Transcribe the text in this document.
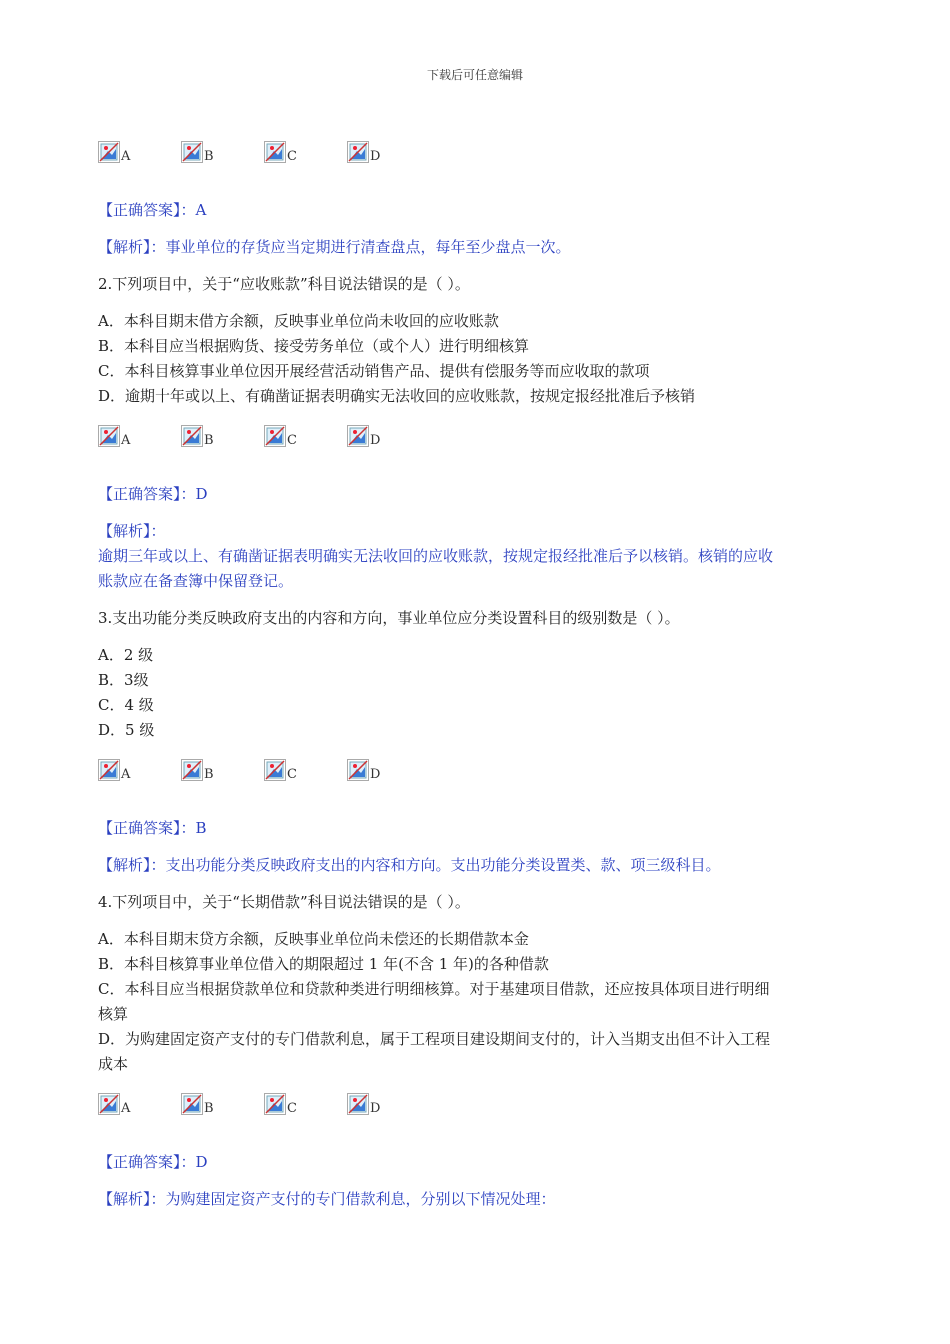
下载后可任意编辑
A	B	C	D
【正确答案】：A
【解析】：事业单位的存货应当定期进行清查盘点，每年至少盘点一次。
2.下列项目中，关于“应收账款”科目说法错误的是（ ）。
A．本科目期末借方余额，反映事业单位尚未收回的应收账款
B．本科目应当根据购货、接受劳务单位（或个人）进行明细核算
C．本科目核算事业单位因开展经营活动销售产品、提供有偿服务等而应收取的款项
D．逾期十年或以上、有确凿证据表明确实无法收回的应收账款，按规定报经批准后予核销
A	B	C	D
【正确答案】：D
【解析】：
逾期三年或以上、有确凿证据表明确实无法收回的应收账款，按规定报经批准后予以核销。核销的应收
账款应在备查簿中保留登记。
3.支出功能分类反映政府支出的内容和方向，事业单位应分类设置科目的级别数是（ ）。
A．2 级
B．3级
C．4 级
D．5 级
A	B	C	D
【正确答案】：B
【解析】：支出功能分类反映政府支出的内容和方向。支出功能分类设置类、款、项三级科目。
4.下列项目中，关于“长期借款”科目说法错误的是（ ）。
A．本科目期末贷方余额，反映事业单位尚未偿还的长期借款本金
B．本科目核算事业单位借入的期限超过 1 年(不含 1 年)的各种借款
C．本科目应当根据贷款单位和贷款种类进行明细核算。对于基建项目借款，还应按具体项目进行明细
核算
D．为购建固定资产支付的专门借款利息，属于工程项目建设期间支付的，计入当期支出但不计入工程
成本
A	B	C	D
【正确答案】：D
【解析】：为购建固定资产支付的专门借款利息，分别以下情况处理：
